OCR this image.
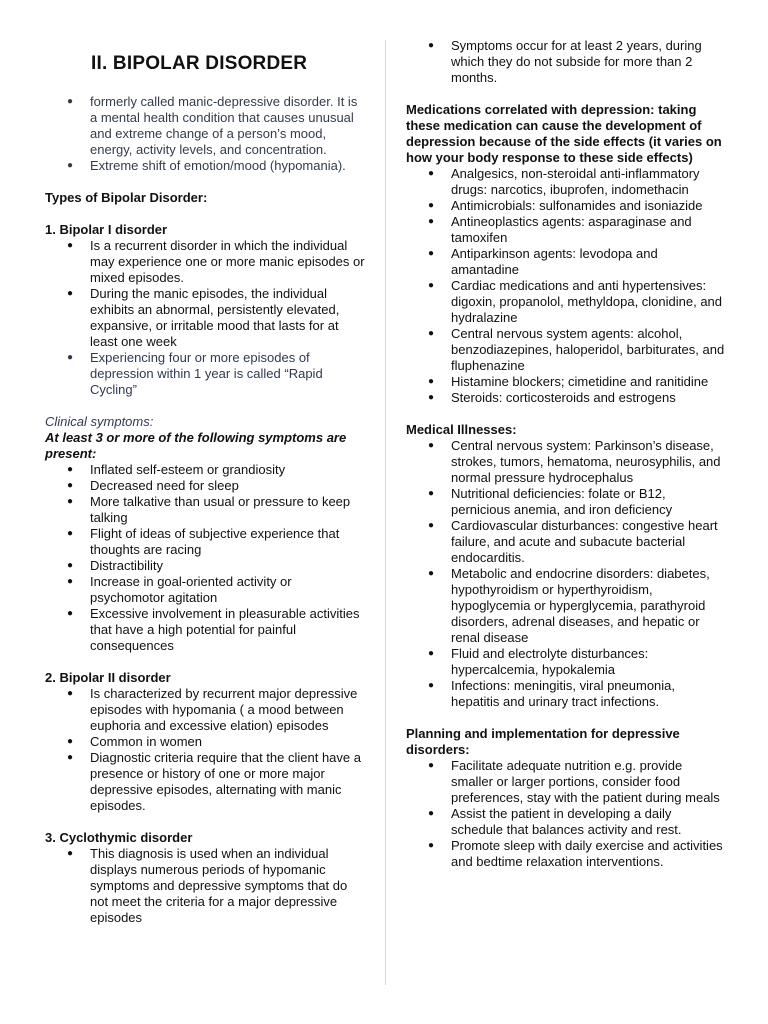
II. BIPOLAR DISORDER
● formerly called manic-depressive disorder. It is a mental health condition that causes unusual and extreme change of a person’s mood, energy, activity levels, and concentration.
● Extreme shift of emotion/mood (hypomania).
Types of Bipolar Disorder:
1. Bipolar I disorder
● Is a recurrent disorder in which the individual may experience one or more manic episodes or mixed episodes.
● During the manic episodes, the individual exhibits an abnormal, persistently elevated, expansive, or irritable mood that lasts for at least one week
● Experiencing four or more episodes of depression within 1 year is called “Rapid Cycling”
Clinical symptoms:
At least 3 or more of the following symptoms are present:
● Inflated self-esteem or grandiosity
● Decreased need for sleep
● More talkative than usual or pressure to keep talking
● Flight of ideas of subjective experience that thoughts are racing
● Distractibility
● Increase in goal-oriented activity or psychomotor agitation
● Excessive involvement in pleasurable activities that have a high potential for painful consequences
2. Bipolar II disorder
● Is characterized by recurrent major depressive episodes with hypomania ( a mood between euphoria and excessive elation) episodes
● Common in women
● Diagnostic criteria require that the client have a presence or history of one or more major depressive episodes, alternating with manic episodes.
3. Cyclothymic disorder
● This diagnosis is used when an individual displays numerous periods of hypomanic symptoms and depressive symptoms that do not meet the criteria for a major depressive episodes
● Symptoms occur for at least 2 years, during which they do not subside for more than 2 months.
Medications correlated with depression: taking these medication can cause the development of depression because of the side effects (it varies on how your body response to these side effects)
● Analgesics, non-steroidal anti-inflammatory drugs: narcotics, ibuprofen, indomethacin
● Antimicrobials: sulfonamides and isoniazide
● Antineoplastics agents: asparaginase and tamoxifen
● Antiparkinson agents: levodopa and amantadine
● Cardiac medications and anti hypertensives: digoxin, propanolol, methyldopa, clonidine, and hydralazine
● Central nervous system agents: alcohol, benzodiazepines, haloperidol, barbiturates, and fluphenazine
● Histamine blockers; cimetidine and ranitidine
● Steroids: corticosteroids and estrogens
Medical Illnesses:
● Central nervous system: Parkinson’s disease, strokes, tumors, hematoma, neurosyphilis, and normal pressure hydrocephalus
● Nutritional deficiencies: folate or B12, pernicious anemia, and iron deficiency
● Cardiovascular disturbances: congestive heart failure, and acute and subacute bacterial endocarditis.
● Metabolic and endocrine disorders: diabetes, hypothyroidism or hyperthyroidism, hypoglycemia or hyperglycemia, parathyroid disorders, adrenal diseases, and hepatic or renal disease
● Fluid and electrolyte disturbances: hypercalcemia, hypokalemia
● Infections: meningitis, viral pneumonia, hepatitis and urinary tract infections.
Planning and implementation for depressive disorders:
● Facilitate adequate nutrition e.g. provide smaller or larger portions, consider food preferences, stay with the patient during meals
● Assist the patient in developing a daily schedule that balances activity and rest.
● Promote sleep with daily exercise and activities and bedtime relaxation interventions.
